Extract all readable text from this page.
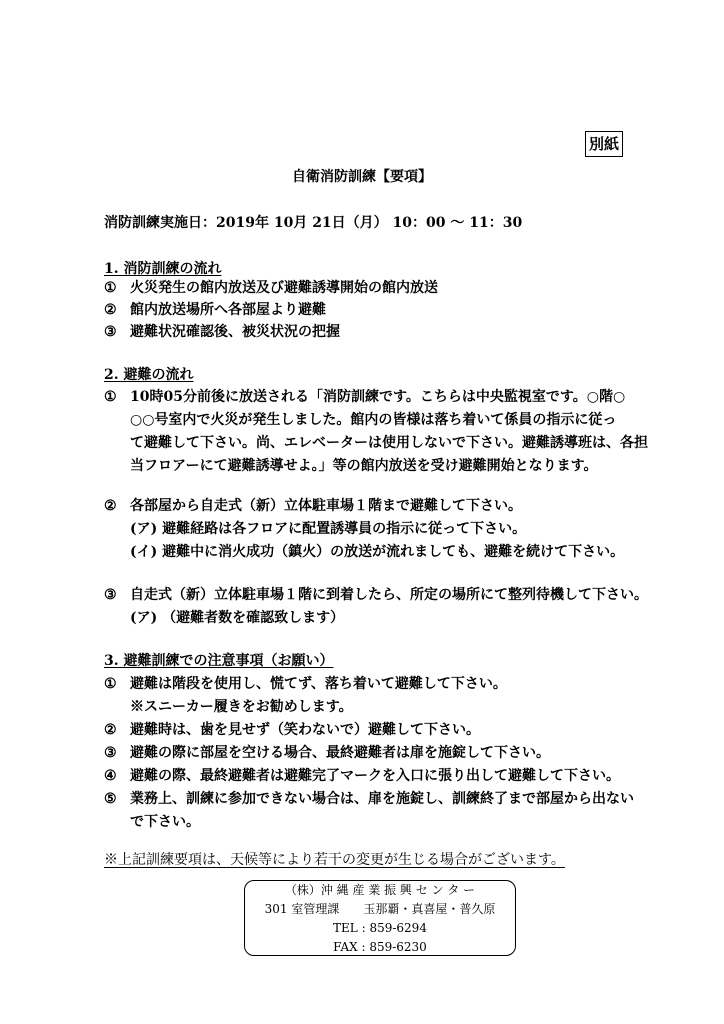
別紙
自衛消防訓練【要項】
消防訓練実施日：2019年 10月 21日（月） 10：00 ～ 11：30
1. 消防訓練の流れ
① 火災発生の館内放送及び避難誘導開始の館内放送
② 館内放送場所へ各部屋より避難
③ 避難状況確認後、被災状況の把握
2. 避難の流れ
① 10時05分前後に放送される「消防訓練です。こちらは中央監視室です。○階○
○○号室内で火災が発生しました。館内の皆様は落ち着いて係員の指示に従っ
て避難して下さい。尚、エレベーターは使用しないで下さい。避難誘導班は、各担
当フロアーにて避難誘導せよ。」等の館内放送を受け避難開始となります。
② 各部屋から自走式（新）立体駐車場１階まで避難して下さい。
(ア) 避難経路は各フロアに配置誘導員の指示に従って下さい。
(イ) 避難中に消火成功（鎮火）の放送が流れましても、避難を続けて下さい。
③ 自走式（新）立体駐車場１階に到着したら、所定の場所にて整列待機して下さい。
(ア) （避難者数を確認致します）
3. 避難訓練での注意事項（お願い）
① 避難は階段を使用し、慌てず、落ち着いて避難して下さい。
※スニーカー履きをお勧めします。
② 避難時は、歯を見せず（笑わないで）避難して下さい。
③ 避難の際に部屋を空ける場合、最終避難者は扉を施錠して下さい。
④ 避難の際、最終避難者は避難完了マークを入口に張り出して避難して下さい。
⑤ 業務上、訓練に参加できない場合は、扉を施錠し、訓練終了まで部屋から出ない
で下さい。
※上記訓練要項は、天候等により若干の変更が生じる場合がございます。
（株）沖 縄 産 業 振 興 セ ン タ ー
301 室管理課　　玉那覇・真喜屋・普久原
TEL : 859-6294
FAX : 859-6230
